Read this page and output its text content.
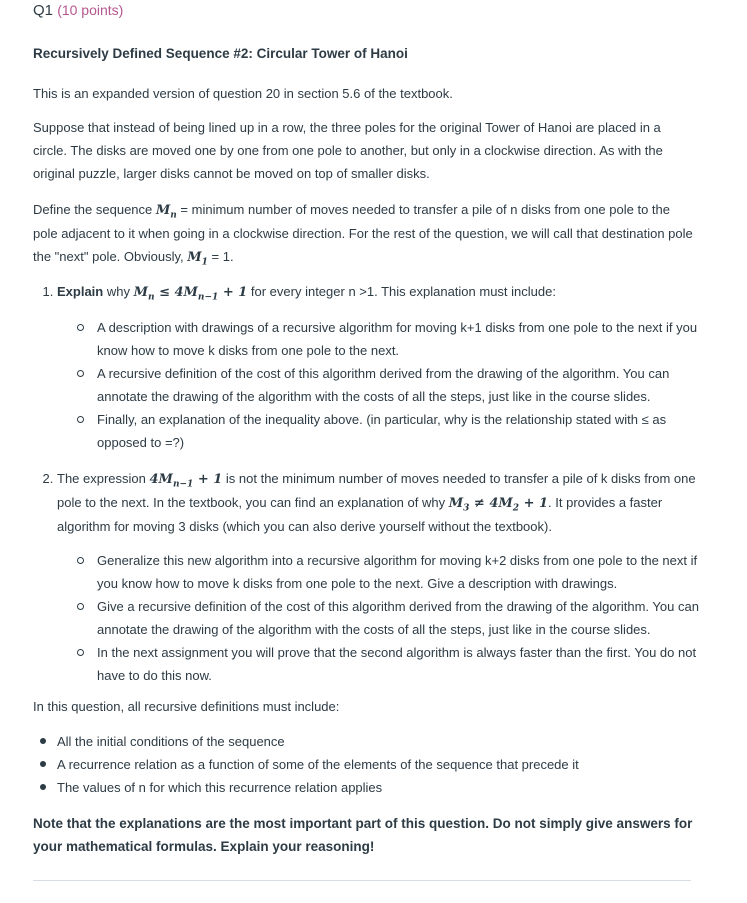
Q1 (10 points)
Recursively Defined Sequence #2: Circular Tower of Hanoi

This is an expanded version of question 20 in section 5.6 of the textbook.

Suppose that instead of being lined up in a row, the three poles for the original Tower of Hanoi are placed in a circle. The disks are moved one by one from one pole to another, but only in a clockwise direction. As with the original puzzle, larger disks cannot be moved on top of smaller disks.

Define the sequence $M_n$ = minimum number of moves needed to transfer a pile of n disks from one pole to the pole adjacent to it when going in a clockwise direction. For the rest of the question, we will call that destination pole the "next" pole. Obviously, $M_1 = 1$.

1. Explain why $M_n \le 4M_{n-1} + 1$ for every integer n >1. This explanation must include:
A description with drawings of a recursive algorithm for moving k+1 disks from one pole to the next if you know how to move k disks from one pole to the next.
A recursive definition of the cost of this algorithm derived from the drawing of the algorithm. You can annotate the drawing of the algorithm with the costs of all the steps, just like in the course slides.
Finally, an explanation of the inequality above. (in particular, why is the relationship stated with ≤ as opposed to =?)
2. The expression $4M_{n-1} + 1$ is not the minimum number of moves needed to transfer a pile of k disks from one pole to the next. In the textbook, you can find an explanation of why $M_3 \ne 4M_2 + 1$. It provides a faster algorithm for moving 3 disks (which you can also derive yourself without the textbook).
Generalize this new algorithm into a recursive algorithm for moving k+2 disks from one pole to the next if you know how to move k disks from one pole to the next. Give a description with drawings.
Give a recursive definition of the cost of this algorithm derived from the drawing of the algorithm. You can annotate the drawing of the algorithm with the costs of all the steps, just like in the course slides.
In the next assignment you will prove that the second algorithm is always faster than the first. You do not have to do this now.

In this question, all recursive definitions must include:

All the initial conditions of the sequence
A recurrence relation as a function of some of the elements of the sequence that precede it
The values of n for which this recurrence relation applies
Note that the explanations are the most important part of this question. Do not simply give answers for your mathematical formulas. Explain your reasoning!
